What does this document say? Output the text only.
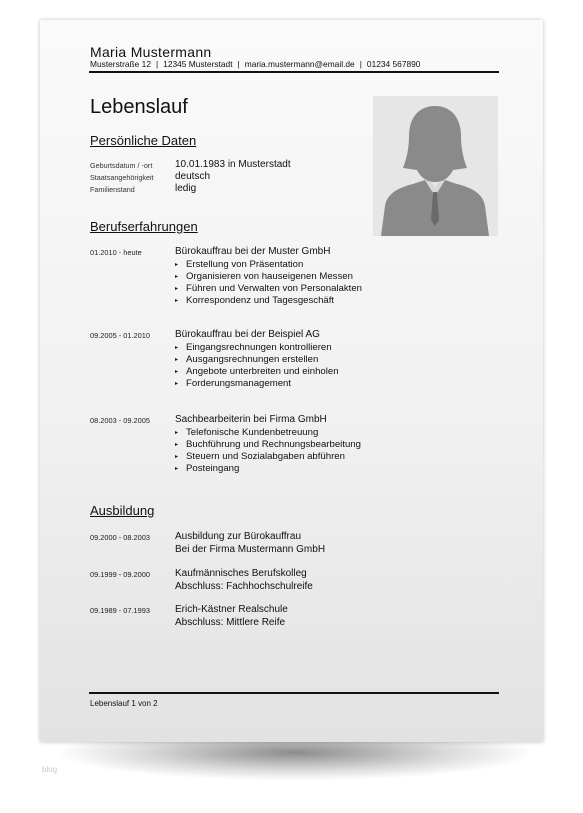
Maria Mustermann
Musterstraße 12 | 12345 Musterstadt | maria.mustermann@email.de | 01234 567890
Lebenslauf
Persönliche Daten
Geburtsdatum / -ort	10.01.1983 in Musterstadt
Staatsangehörigkeit	deutsch
Familienstand	ledig
Berufserfahrungen
01.2010 - heute	Bürokauffrau bei der Muster GmbH
▸ Erstellung von Präsentation
▸ Organisieren von hauseigenen Messen
▸ Führen und Verwalten von Personalakten
▸ Korrespondenz und Tagesgeschäft
09.2005 - 01.2010	Bürokauffrau bei der Beispiel AG
▸ Eingangsrechnungen kontrollieren
▸ Ausgangsrechnungen erstellen
▸ Angebote unterbreiten und einholen
▸ Forderungsmanagement
08.2003 - 09.2005	Sachbearbeiterin bei Firma GmbH
▸ Telefonische Kundenbetreuung
▸ Buchführung und Rechnungsbearbeitung
▸ Steuern und Sozialabgaben abführen
▸ Posteingang
Ausbildung
09.2000 - 08.2003	Ausbildung zur Bürokauffrau
Bei der Firma Mustermann GmbH
09.1999 - 09.2000	Kaufmännisches Berufskolleg
Abschluss: Fachhochschulreife
09.1989 - 07.1993	Erich-Kästner Realschule
Abschluss: Mittlere Reife
Lebenslauf 1 von 2
blog
